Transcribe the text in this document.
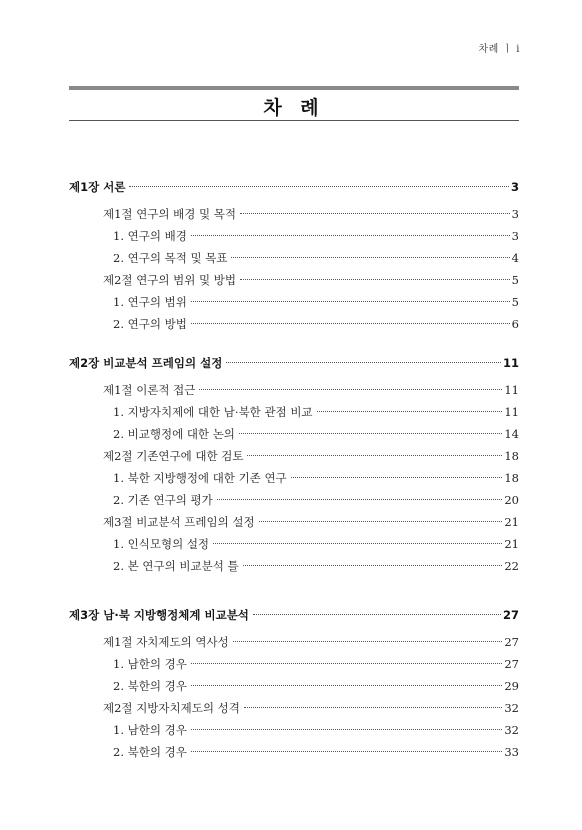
차례 ㅣ i
차 례
제1장 서론	3
제1절 연구의 배경 및 목적	3
1. 연구의 배경	3
2. 연구의 목적 및 목표	4
제2절 연구의 범위 및 방법	5
1. 연구의 범위	5
2. 연구의 방법	6
제2장 비교분석 프레임의 설정	11
제1절 이론적 접근	11
1. 지방자치제에 대한 남·북한 관점 비교	11
2. 비교행정에 대한 논의	14
제2절 기존연구에 대한 검토	18
1. 북한 지방행정에 대한 기존 연구	18
2. 기존 연구의 평가	20
제3절 비교분석 프레임의 설정	21
1. 인식모형의 설정	21
2. 본 연구의 비교분석 틀	22
제3장 남·북 지방행정체계 비교분석	27
제1절 자치제도의 역사성	27
1. 남한의 경우	27
2. 북한의 경우	29
제2절 지방자치제도의 성격	32
1. 남한의 경우	32
2. 북한의 경우	33
